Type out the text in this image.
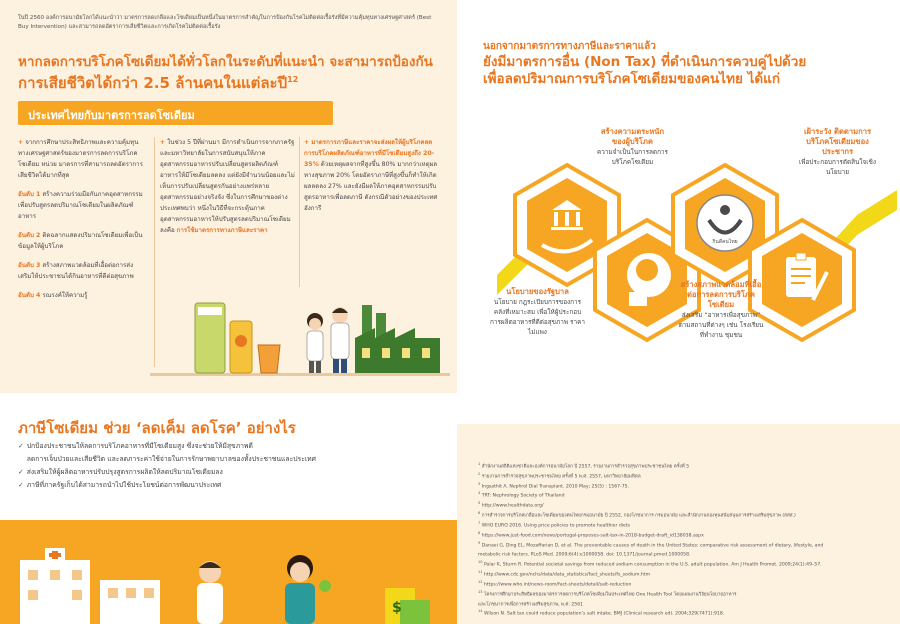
ในปี 2560 องค์การอนามัยโลกได้แนะนำว่า มาตรการลดเกลือและโซเดียมเป็นหนึ่งในมาตรการสำคัญในการป้องกันโรคไม่ติดต่อเรื้อรังที่มีความคุ้มทุนทางเศรษฐศาสตร์ (Best Buy Intervention) และสามารถลดอัตราการเสียชีวิตและการเกิดโรคไม่ติดต่อเรื้อรัง
หากลดการบริโภคโซเดียมได้ทั่วโลกในระดับที่แนะนำ จะสามารถป้องกัน
การเสียชีวิตได้กว่า 2.5 ล้านคนในแต่ละปี$^{12}$
ประเทศไทยกับมาตรการลดโซเดียม

+ จากการศึกษาประสิทธิภาพและความคุ้มทุนทางเศรษฐศาสตร์ของมาตรการลดการบริโภคโซเดียม หน่วย มาตรการที่สามารถลดอัตราการเสียชีวิตได้มากที่สุด

อันดับ 1 สร้างความร่วมมือกับภาคอุตสาหกรรมเพื่อปรับสูตรลดปริมาณโซเดียมในผลิตภัณฑ์อาหาร

อันดับ 2 ติดฉลากแสดงปริมาณโซเดียมเพื่อเป็นข้อมูลให้ผู้บริโภค

อันดับ 3 สร้างสภาพแวดล้อมที่เอื้อต่อการส่งเสริมให้ประชาชนได้กินอาหารที่ดีต่อสุขภาพ

อันดับ 4 รณรงค์ให้ความรู้

+ ในช่วง 5 ปีที่ผ่านมา มีการดำเนินการจากภาครัฐและมหาวิทยาลัยในการสนับสนุนให้ภาคอุตสาหกรรมอาหารปรับเปลี่ยนสูตรผลิตภัณฑ์อาหารให้มีโซเดียมลดลง แต่ยังมีจำนวนน้อยและไม่เห็นการปรับเปลี่ยนสูตรกันอย่างแพร่หลาย อุตสาหกรรมอย่างจริงจัง ซึ่งในการศึกษาของต่างประเทศพบว่า หนึ่งในวิธีที่จะกระตุ้นภาคอุตสาหกรรมอาหารให้ปรับสูตรลดปริมาณโซเดียมลงคือ การใช้มาตรการทางภาษีและราคา

+ มาตรการภาษีและราคาจะส่งผลให้ผู้บริโภคลดการบริโภคผลิตภัณฑ์อาหารที่มีโซเดียมสูงถึง 20-35% ด้วยเหตุผลจากที่สูงขึ้น 80% มากกว่าเหตุผลทางสุขภาพ 20% โดยอัตราภาษีที่สูงขึ้นก็ทำให้เกิดผลลดลง 27% และยังมีผลให้ภาคอุตสาหกรรมปรับสูตรอาหารเพื่อลดภาษี ดังกรณีตัวอย่างของประเทศฮังการี

ภาษีโซเดียม ช่วย ‘ลดเค็ม ลดโรค’ อย่างไร
✓ ปกป้องประชาชนให้ลดการบริโภคอาหารที่มีโซเดียมสูง ซึ่งจะช่วยให้มีสุขภาพดี
ลดการเจ็บป่วยและเสียชีวิต และลดภาระค่าใช้จ่ายในการรักษาพยาบาลของทั้งประชาชนและประเทศ
✓ ส่งเสริมให้ผู้ผลิตอาหารปรับปรุงสูตรการผลิตให้ลดปริมาณโซเดียมลง
✓ ภาษีที่ภาครัฐเก็บได้สามารถนำไปใช้ประโยชน์ต่อการพัฒนาประเทศ
$
นอกจากมาตรการทางภาษีและราคาแล้ว
ยังมีมาตรการอื่น (Non Tax) ที่ดำเนินการควบคู่ไปด้วย
เพื่อลดปริมาณการบริโภคโซเดียมของคนไทย ได้แก่
กินดีคนไทย
นโยบายของรัฐบาล
นโยบาย กฎระเบียบการของการคลังที่เหมาะสม เพื่อให้ผู้ประกอบการผลิตอาหารที่ดีต่อสุขภาพ ราคาไม่แพง
สร้างความตระหนักของผู้บริโภค
ความจำเป็นในการลดการบริโภคโซเดียม
สร้างสภาพแวดล้อมที่เอื้อต่อการลดการบริโภคโซเดียม
ส่งเสริม “อาหารเพื่อสุขภาพ” ตามสถานที่ต่างๆ เช่น โรงเรียน ที่ทำงาน ชุมชน
เฝ้าระวัง ติดตามการบริโภคโซเดียมของประชากร
เพื่อประกอบการตัดสินใจเชิงนโยบาย
$^1$ สำนักงานสถิติแห่งชาติและองค์การอนามัยโลก ปี 2557, รายงานการสำรวจสุขภาพประชาชนไทย ครั้งที่ 5
$^2$ รายงานการสำรวจสุขภาพประชาชนไทย ครั้งที่ 5 พ.ศ. 2557, มหาวิทยาลัยมหิดล
$^3$ Ingsathit A. Nephrol Dial Transplant. 2010 May; 25(5) : 1567-75.
$^4$ TRT: Nephrology Society of Thailand
$^5$ http://www.healthdata.org/
$^6$ การสำรวจการบริโภคเกลือและโซเดียมของคนไทยกรมอนามัย ปี 2552, กองโภชนาการ กรมอนามัย และสำนักงานกองทุนสนับสนุนการสร้างเสริมสุขภาพ (สสส.)
$^7$ WHO EURO 2016. Using price policies to promote healthier diets
$^8$ https://www.just-food.com/news/portugal-proposes-salt-tax-in-2018-budget-draft_id138038.aspx
$^9$ Danaei G, Ding EL, Mozaffarian D, et al. The preventable causes of death in the United States: comparative risk assessment of dietary, lifestyle, and
metabolic risk factors. PLoS Med. 2009;6(4):e1000058. doi: 10.1371/journal.pmed.1000058.
$^{10}$ Palar K, Sturm R. Potential societal savings from reduced sodium consumption in the U.S. adult population. Am J Health Promot. 2009;24(1):49–57.
$^{11}$ http://www.cdc.gov/nchs/data/data_statistics/fact_sheets/fs_sodium.htm
$^{12}$ https://www.who.int/news-room/fact-sheets/detail/salt-reduction
$^{13}$ โครงการศึกษาประสิทธิผลของมาตรการลดการบริโภคโซเดียมในประเทศไทย One Health Tool โดยแผนงานวิจัยนโยบายอาหาร
และโภชนาการเพื่อการสร้างเสริมสุขภาพ, พ.ศ. 2561
$^{14}$ Wilson N. Salt tax could reduce population’s salt intake. BMJ (Clinical research ed). 2004;329(7471):918.
